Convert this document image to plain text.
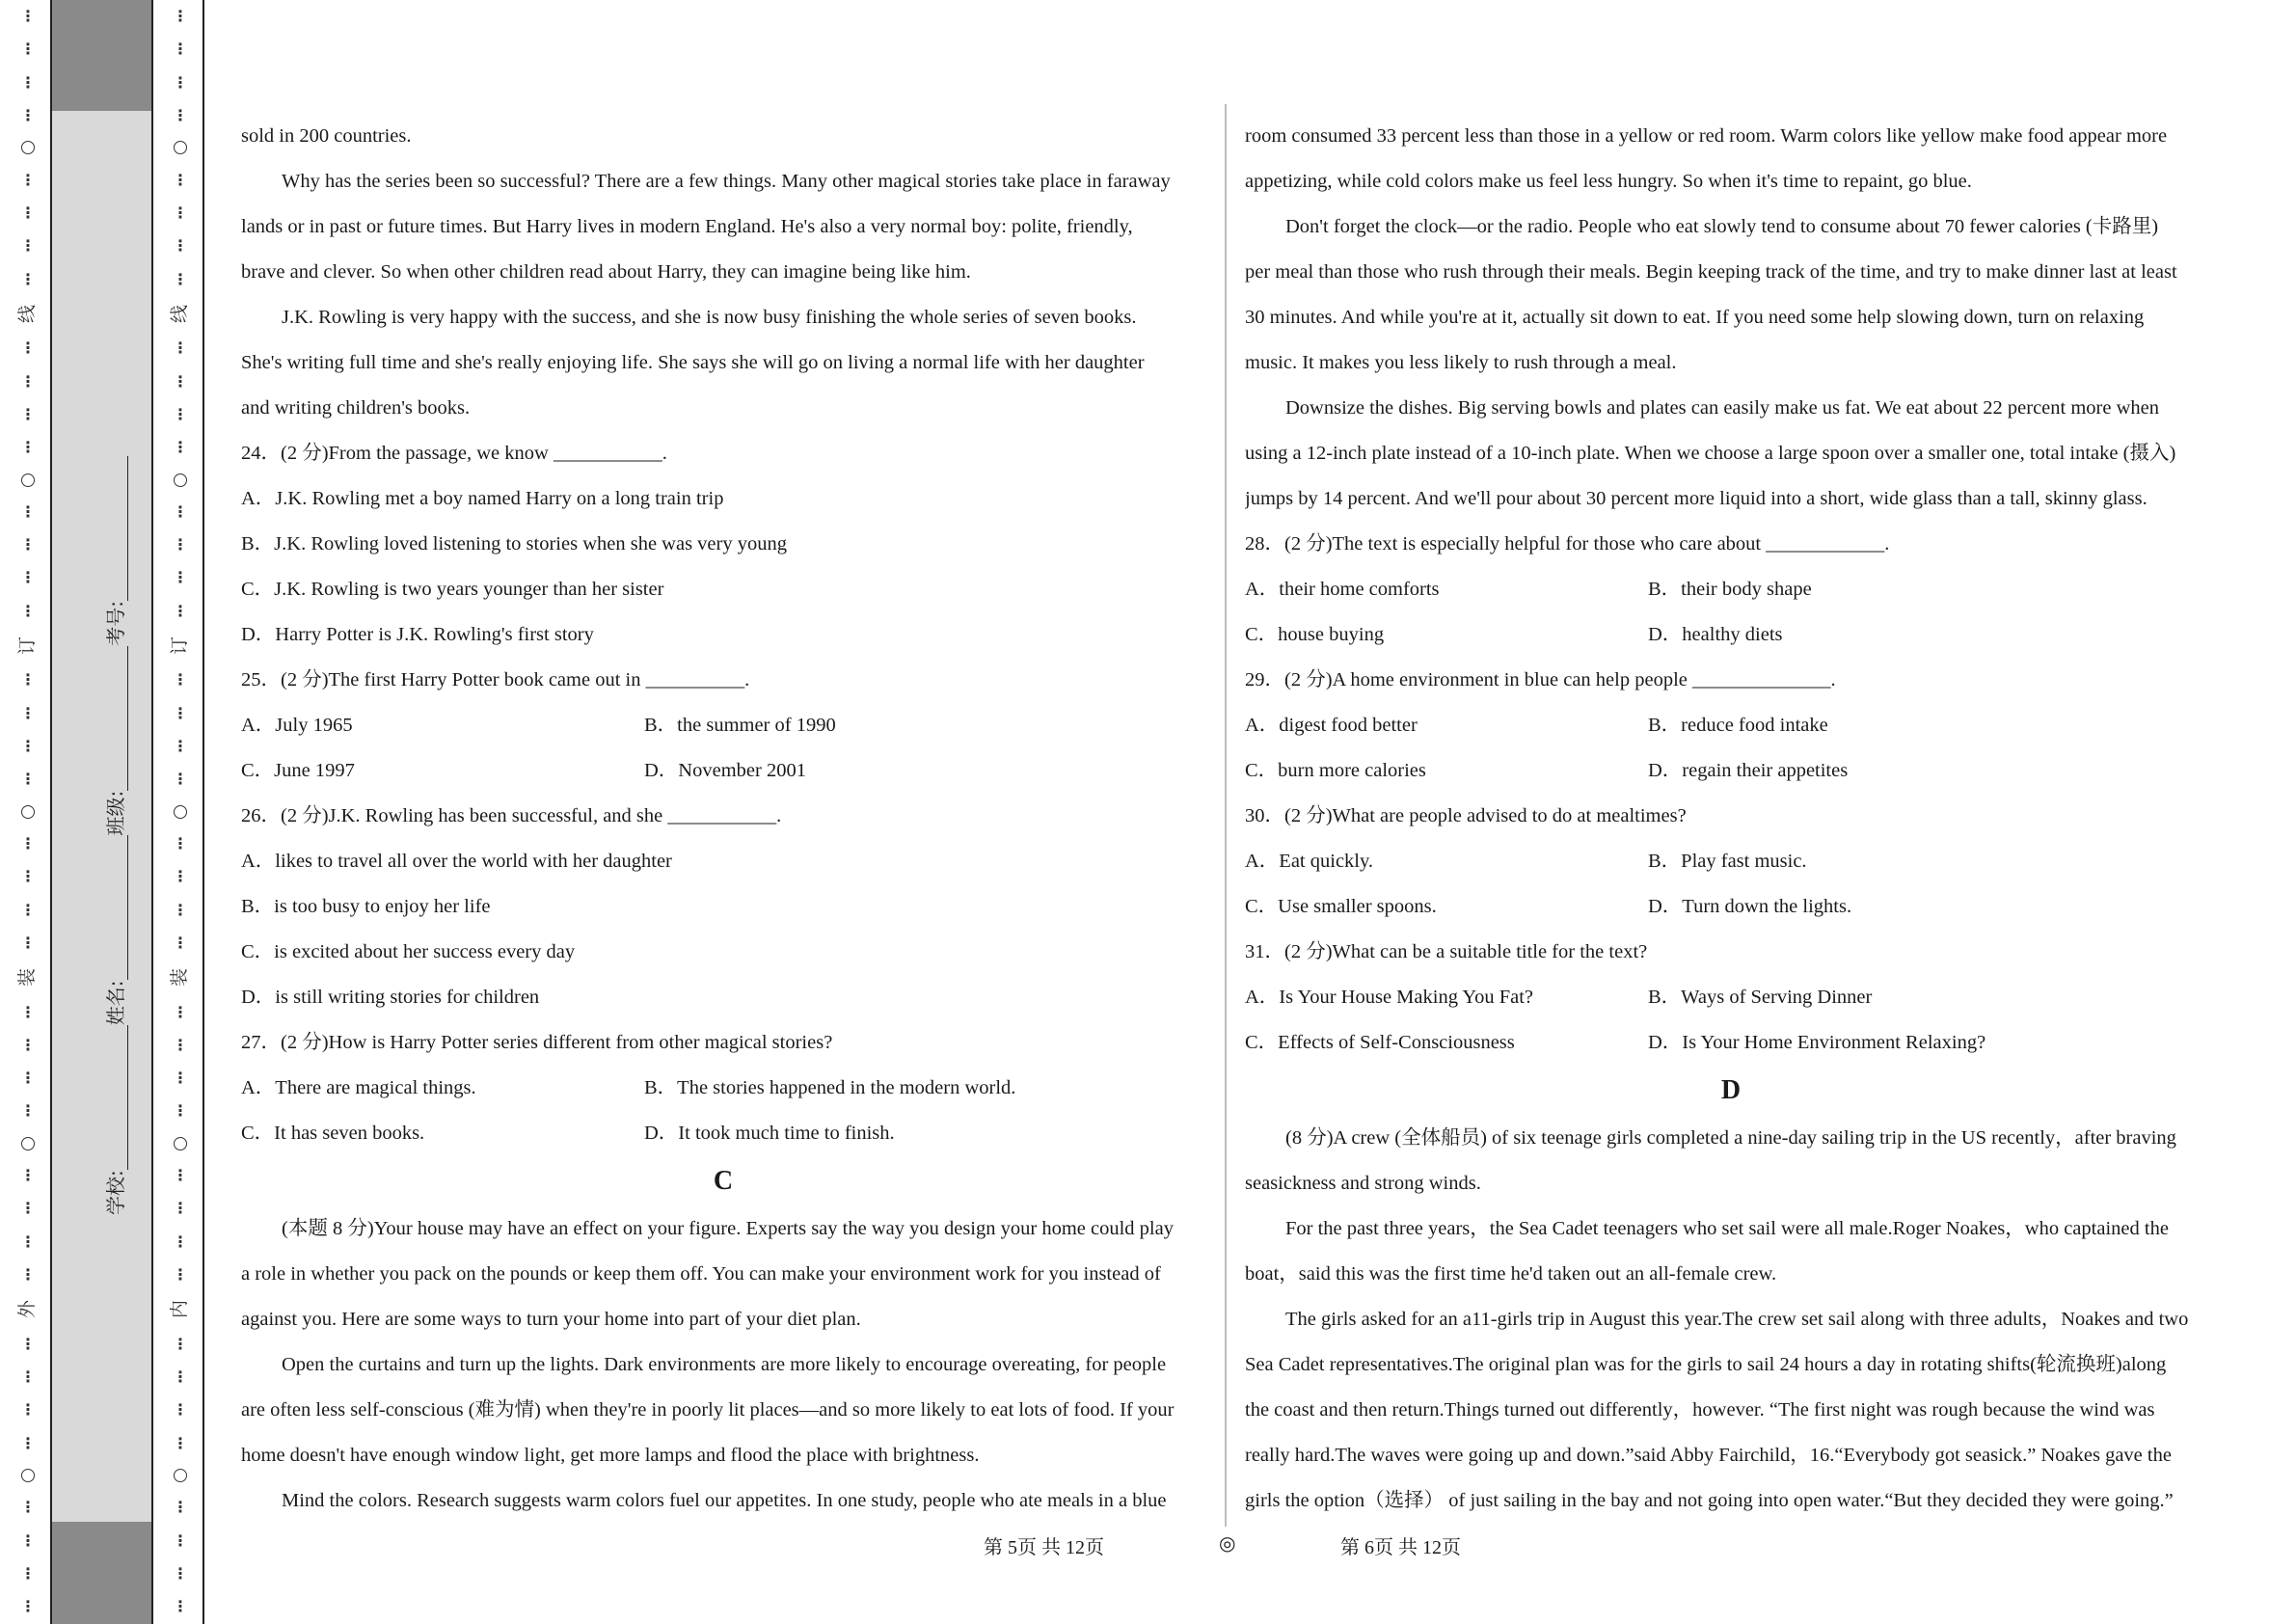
⋮
⋮
⋮
⋮
⋮
⋮
⋮
⋮
线
⋮
⋮
⋮
⋮
⋮
⋮
⋮
⋮
订
⋮
⋮
⋮
⋮
⋮
⋮
⋮
⋮
装
⋮
⋮
⋮
⋮
⋮
⋮
⋮
⋮
外
⋮
⋮
⋮
⋮
⋮
⋮
⋮
⋮
⋮
⋮
⋮
⋮
⋮
⋮
⋮
⋮
线
⋮
⋮
⋮
⋮
⋮
⋮
⋮
⋮
订
⋮
⋮
⋮
⋮
⋮
⋮
⋮
⋮
装
⋮
⋮
⋮
⋮
⋮
⋮
⋮
⋮
内
⋮
⋮
⋮
⋮
⋮
⋮
⋮
⋮
学校:
姓名:
班级:
考号:
sold in 200 countries.
Why has the series been so successful? There are a few things. Many other magical stories take place in faraway
lands or in past or future times. But Harry lives in modern England. He's also a very normal boy: polite, friendly,
brave and clever. So when other children read about Harry, they can imagine being like him.
J.K. Rowling is very happy with the success, and she is now busy finishing the whole series of seven books.
She's writing full time and she's really enjoying life. She says she will go on living a normal life with her daughter
and writing children's books.
24．(2 分)From the passage, we know ___________.
A．J.K. Rowling met a boy named Harry on a long train trip
B．J.K. Rowling loved listening to stories when she was very young
C．J.K. Rowling is two years younger than her sister
D．Harry Potter is J.K. Rowling's first story
25．(2 分)The first Harry Potter book came out in __________.
A．July 1965	B．the summer of 1990
C．June 1997	D．November 2001
26．(2 分)J.K. Rowling has been successful, and she ___________.
A．likes to travel all over the world with her daughter
B．is too busy to enjoy her life
C．is excited about her success every day
D．is still writing stories for children
27．(2 分)How is Harry Potter series different from other magical stories?
A．There are magical things.	B．The stories happened in the modern world.
C．It has seven books.	D．It took much time to finish.
C
(本题 8 分)Your house may have an effect on your figure. Experts say the way you design your home could play
a role in whether you pack on the pounds or keep them off. You can make your environment work for you instead of
against you. Here are some ways to turn your home into part of your diet plan.
Open the curtains and turn up the lights. Dark environments are more likely to encourage overeating, for people
are often less self-conscious (难为情) when they're in poorly lit places—and so more likely to eat lots of food. If your
home doesn't have enough window light, get more lamps and flood the place with brightness.
Mind the colors. Research suggests warm colors fuel our appetites. In one study, people who ate meals in a blue
room consumed 33 percent less than those in a yellow or red room. Warm colors like yellow make food appear more
appetizing, while cold colors make us feel less hungry. So when it's time to repaint, go blue.
Don't forget the clock—or the radio. People who eat slowly tend to consume about 70 fewer calories (卡路里)
per meal than those who rush through their meals. Begin keeping track of the time, and try to make dinner last at least
30 minutes. And while you're at it, actually sit down to eat. If you need some help slowing down, turn on relaxing
music. It makes you less likely to rush through a meal.
Downsize the dishes. Big serving bowls and plates can easily make us fat. We eat about 22 percent more when
using a 12-inch plate instead of a 10-inch plate. When we choose a large spoon over a smaller one, total intake (摄入)
jumps by 14 percent. And we'll pour about 30 percent more liquid into a short, wide glass than a tall, skinny glass.
28．(2 分)The text is especially helpful for those who care about ____________.
A．their home comforts	B．their body shape
C．house buying	D．healthy diets
29．(2 分)A home environment in blue can help people ______________.
A．digest food better	B．reduce food intake
C．burn more calories	D．regain their appetites
30．(2 分)What are people advised to do at mealtimes?
A．Eat quickly.	B．Play fast music.
C．Use smaller spoons.	D．Turn down the lights.
31．(2 分)What can be a suitable title for the text?
A．Is Your House Making You Fat?	B．Ways of Serving Dinner
C．Effects of Self-Consciousness	D．Is Your Home Environment Relaxing?
D
(8 分)A crew (全体船员) of six teenage girls completed a nine-day sailing trip in the US recently，after braving
seasickness and strong winds.
For the past three years，the Sea Cadet teenagers who set sail were all male.Roger Noakes，who captained the
boat，said this was the first time he'd taken out an all-female crew.
The girls asked for an a11-girls trip in August this year.The crew set sail along with three adults，Noakes and two
Sea Cadet representatives.The original plan was for the girls to sail 24 hours a day in rotating shifts(轮流换班)along
the coast and then return.Things turned out differently，however. “The first night was rough because the wind was
really hard.The waves were going up and down.”said Abby Fairchild，16.“Everybody got seasick.” Noakes gave the
girls the option（选择） of just sailing in the bay and not going into open water.“But they decided they were going.”
第 5页 共 12页	◎	第 6页 共 12页
